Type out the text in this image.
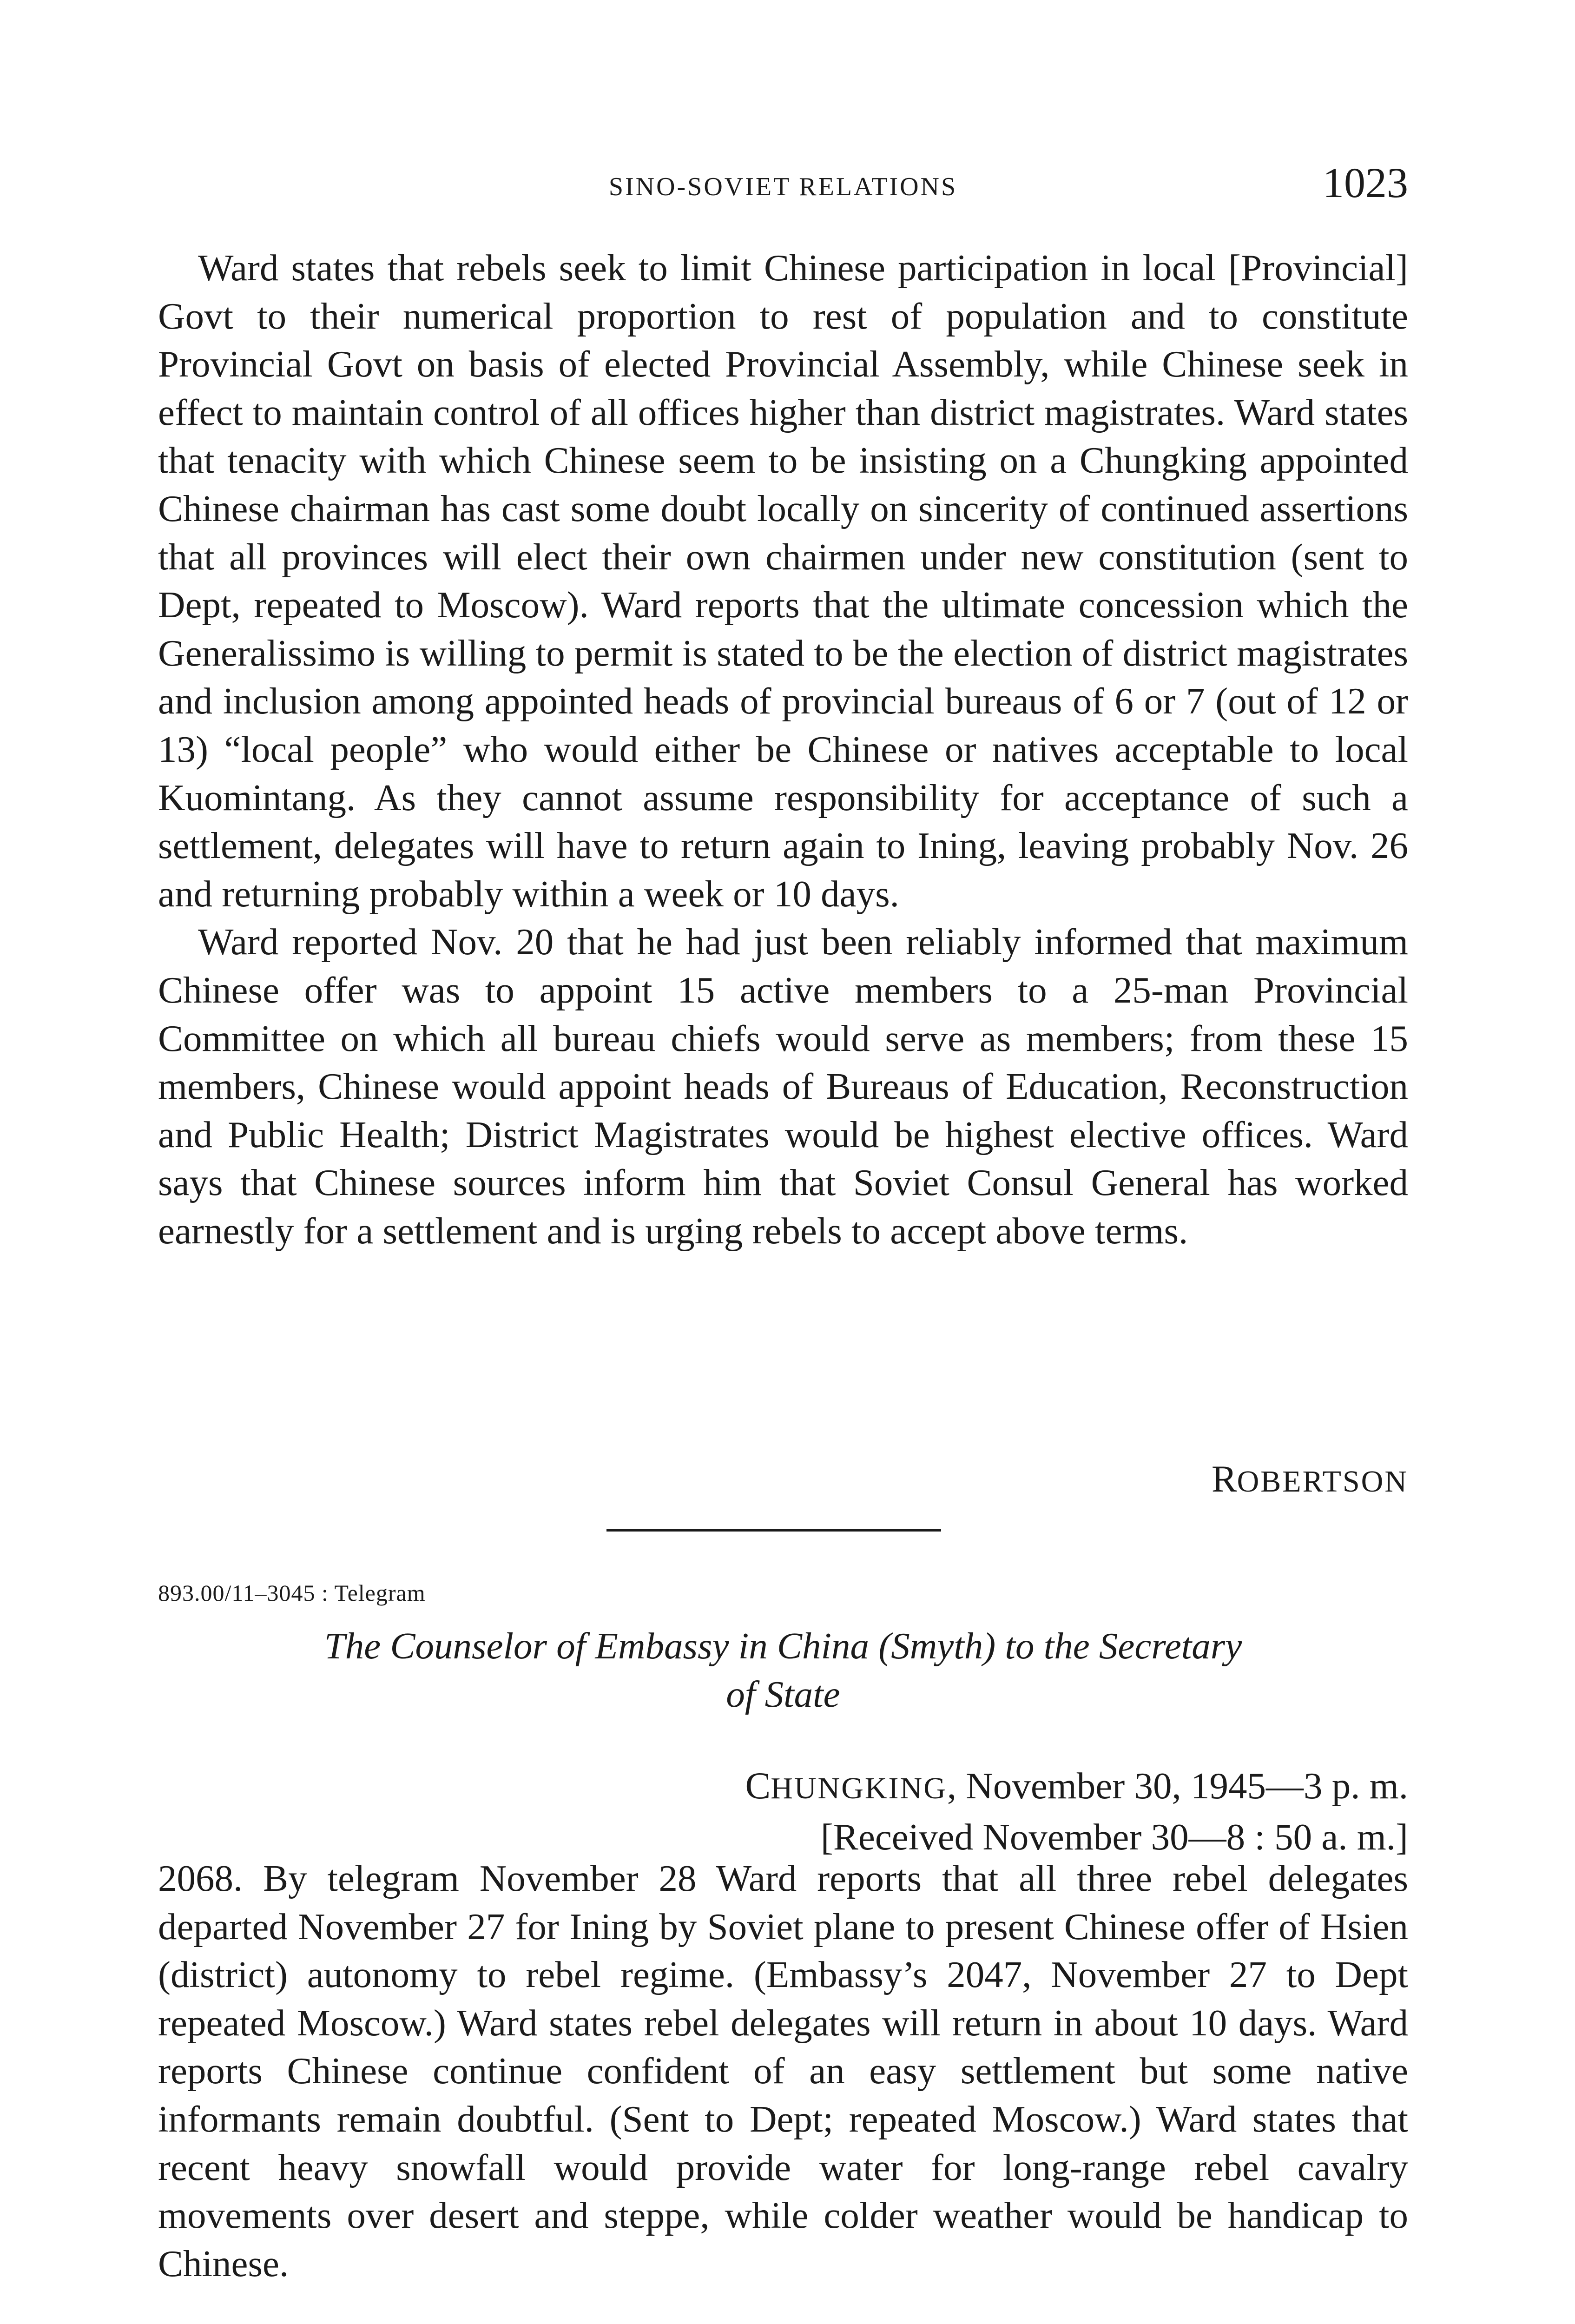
SINO-SOVIET RELATIONS	1023

Ward states that rebels seek to limit Chinese participation in local [Provincial] Govt to their numerical proportion to rest of population and to constitute Provincial Govt on basis of elected Provincial Assembly, while Chinese seek in effect to maintain control of all offices higher than district magistrates. Ward states that tenacity with which Chinese seem to be insisting on a Chungking appointed Chinese chairman has cast some doubt locally on sincerity of continued assertions that all provinces will elect their own chairmen under new constitution (sent to Dept, repeated to Moscow). Ward reports that the ultimate concession which the Generalissimo is willing to permit is stated to be the election of district magistrates and inclusion among appointed heads of provincial bureaus of 6 or 7 (out of 12 or 13) “local people” who would either be Chinese or natives acceptable to local Kuomintang. As they cannot assume responsibility for acceptance of such a settlement, delegates will have to return again to Ining, leaving probably Nov. 26 and returning probably within a week or 10 days.

Ward reported Nov. 20 that he had just been reliably informed that maximum Chinese offer was to appoint 15 active members to a 25-man Provincial Committee on which all bureau chiefs would serve as members; from these 15 members, Chinese would appoint heads of Bureaus of Education, Reconstruction and Public Health; District Magistrates would be highest elective offices. Ward says that Chinese sources inform him that Soviet Consul General has worked earnestly for a settlement and is urging rebels to accept above terms.

ROBERTSON
893.00/11–3045 : Telegram
The Counselor of Embassy in China (Smyth) to the Secretary
of State
CHUNGKING, November 30, 1945—3 p. m.
[Received November 30—8 : 50 a. m.]

2068. By telegram November 28 Ward reports that all three rebel delegates departed November 27 for Ining by Soviet plane to present Chinese offer of Hsien (district) autonomy to rebel regime. (Embassy’s 2047, November 27 to Dept repeated Moscow.) Ward states rebel delegates will return in about 10 days. Ward reports Chinese continue confident of an easy settlement but some native informants remain doubtful. (Sent to Dept; repeated Moscow.) Ward states that recent heavy snowfall would provide water for long-range rebel cavalry movements over desert and steppe, while colder weather would be handicap to Chinese.
